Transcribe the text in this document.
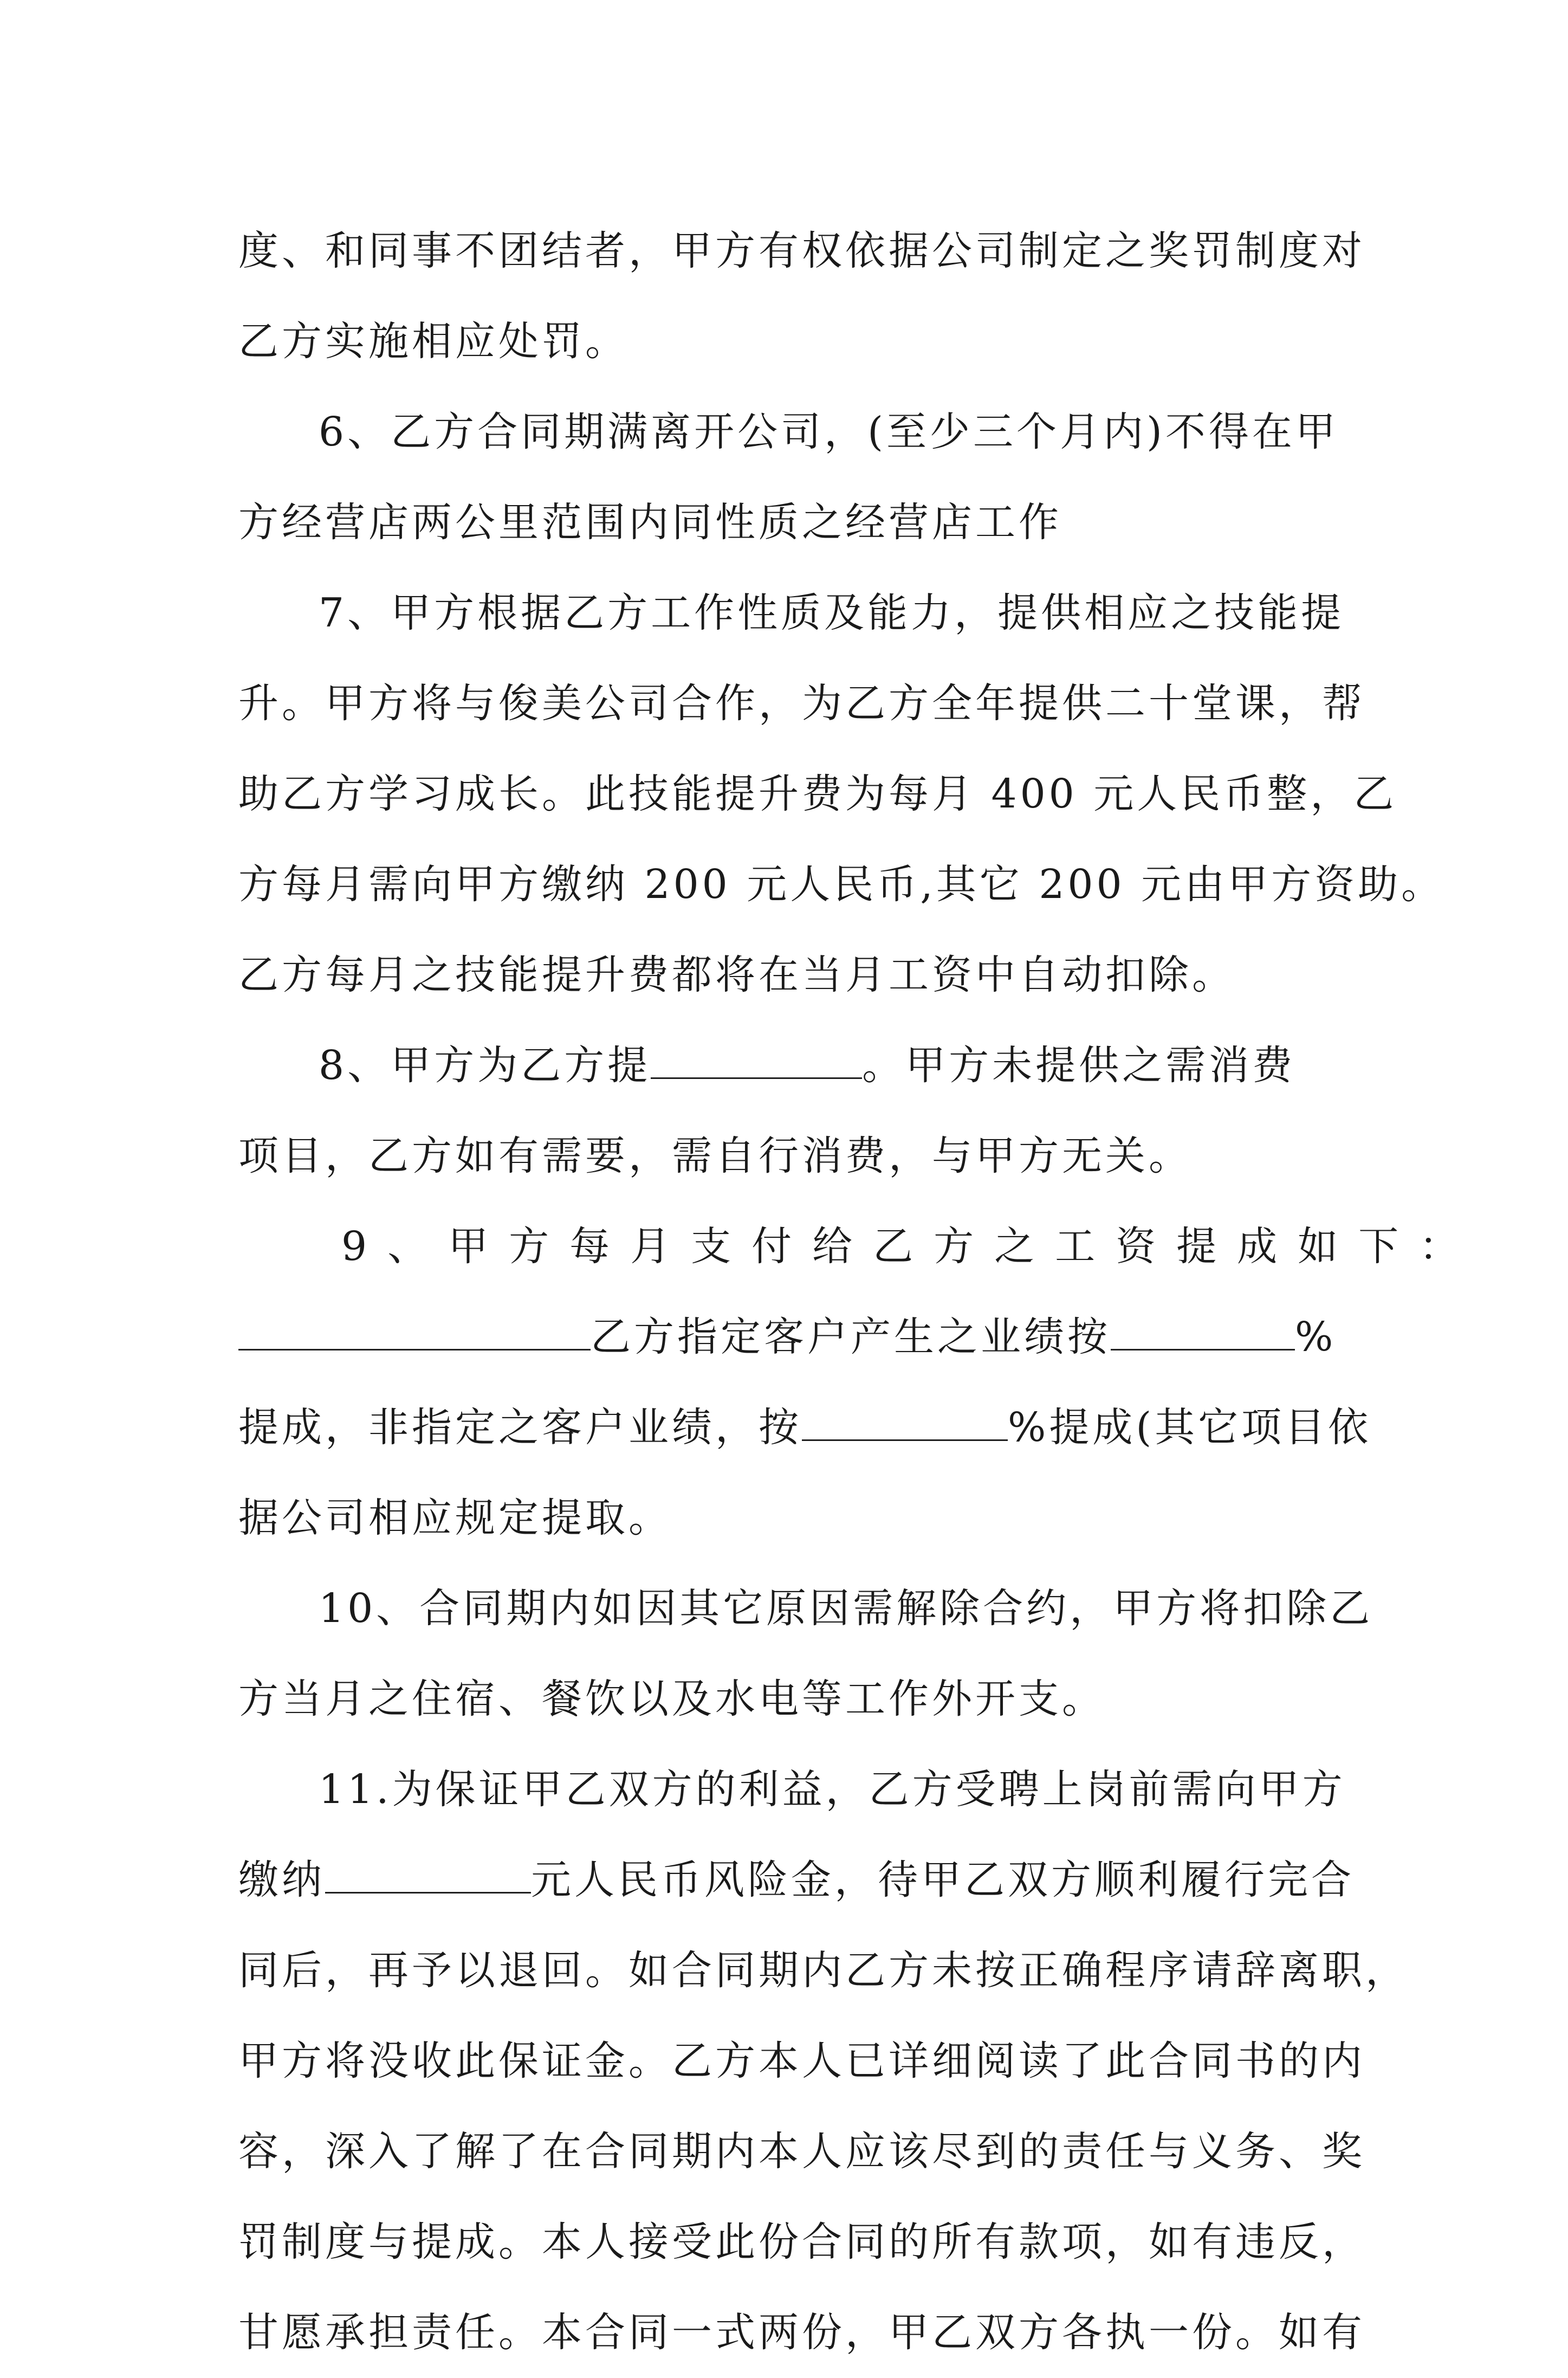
度、和同事不团结者，甲方有权依据公司制定之奖罚制度对
乙方实施相应处罚。
6、乙方合同期满离开公司，(至少三个月内)不得在甲
方经营店两公里范围内同性质之经营店工作
7、甲方根据乙方工作性质及能力，提供相应之技能提
升。甲方将与俊美公司合作，为乙方全年提供二十堂课，帮
助乙方学习成长。此技能提升费为每月 400 元人民币整，乙
方每月需向甲方缴纳 200 元人民币,其它 200 元由甲方资助。
乙方每月之技能提升费都将在当月工资中自动扣除。
8、甲方为乙方提	。甲方未提供之需消费
项目，乙方如有需要，需自行消费，与甲方无关。
9、甲方每月支付给乙方之工资提成如下：
乙方指定客户产生之业绩按	%
提成，非指定之客户业绩，按	%提成(其它项目依
据公司相应规定提取。
10、合同期内如因其它原因需解除合约，甲方将扣除乙
方当月之住宿、餐饮以及水电等工作外开支。
11.为保证甲乙双方的利益，乙方受聘上岗前需向甲方
缴纳	元人民币风险金，待甲乙双方顺利履行完合
同后，再予以退回。如合同期内乙方未按正确程序请辞离职，
甲方将没收此保证金。乙方本人已详细阅读了此合同书的内
容，深入了解了在合同期内本人应该尽到的责任与义务、奖
罚制度与提成。本人接受此份合同的所有款项，如有违反，
甘愿承担责任。本合同一式两份，甲乙双方各执一份。如有
